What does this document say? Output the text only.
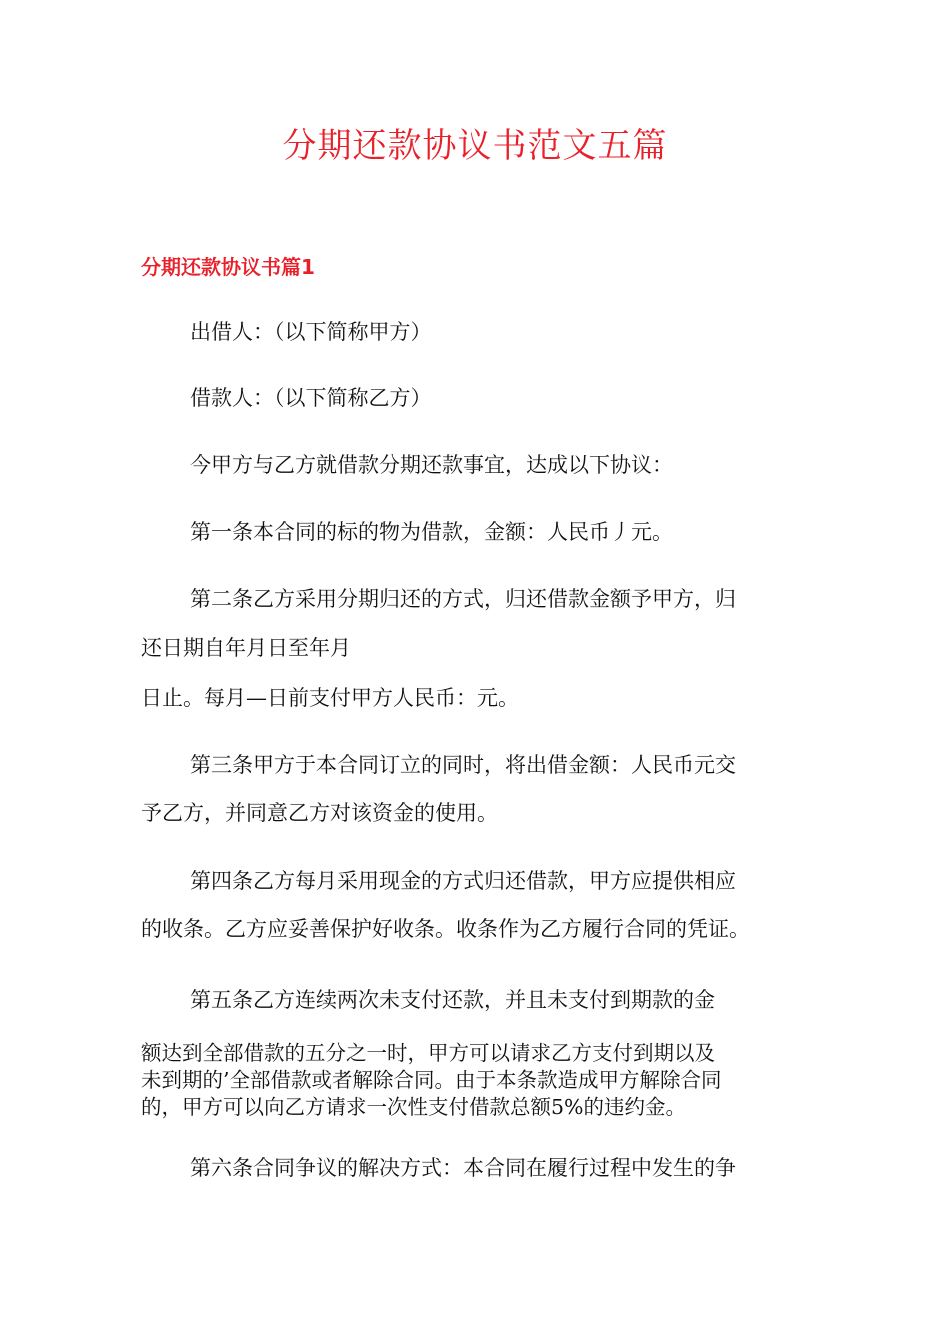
分期还款协议书范文五篇
分期还款协议书篇1

出借人：（以下简称甲方）

借款人：（以下简称乙方）

今甲方与乙方就借款分期还款事宜，达成以下协议：

第一条本合同的标的物为借款，金额：人民币丿元。

第二条乙方采用分期归还的方式，归还借款金额予甲方，归

还日期自年月日至年月

日止。每月—日前支付甲方人民币：元。

第三条甲方于本合同订立的同时，将出借金额：人民币元交

予乙方，并同意乙方对该资金的使用。

第四条乙方每月采用现金的方式归还借款，甲方应提供相应

的收条。乙方应妥善保护好收条。收条作为乙方履行合同的凭证。

第五条乙方连续两次未支付还款，并且未支付到期款的金

额达到全部借款的五分之一时，甲方可以请求乙方支付到期以及

未到期的’全部借款或者解除合同。由于本条款造成甲方解除合同

的，甲方可以向乙方请求一次性支付借款总额5%的违约金。

第六条合同争议的解决方式：本合同在履行过程中发生的争
